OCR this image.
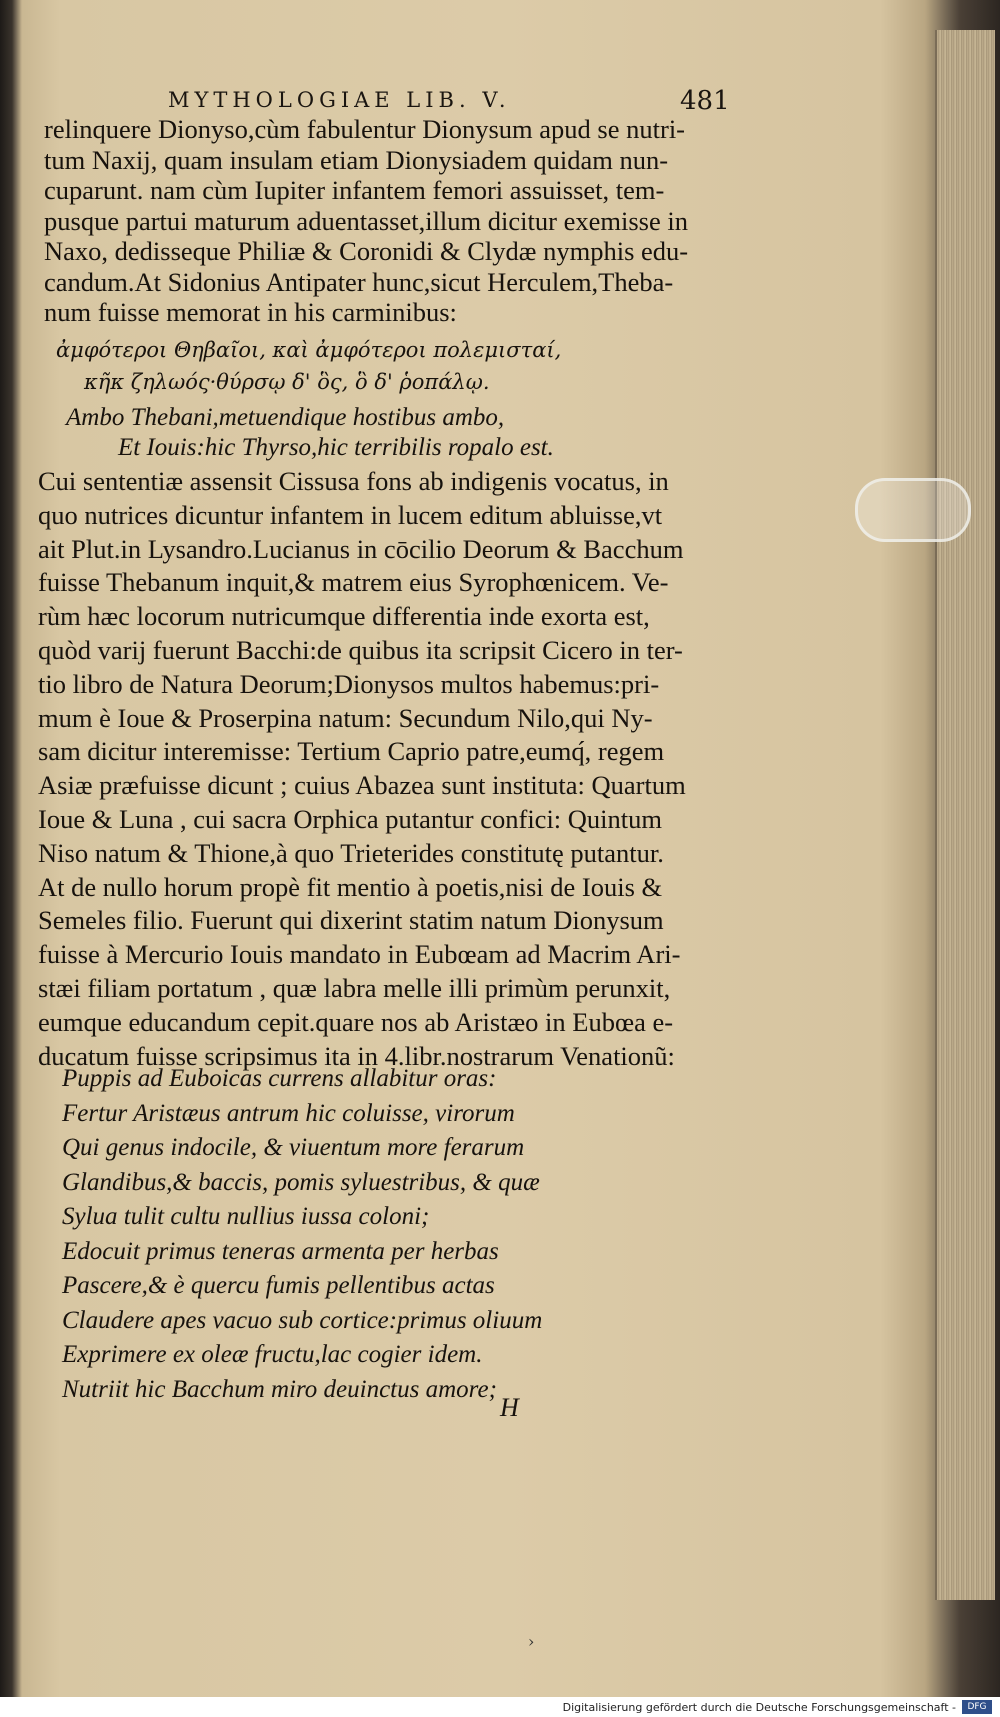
MYTHOLOGIAE LIB. V.	481
relinquere Dionyso,cùm fabulentur Dionysum apud se nutri-
tum Naxij, quam insulam etiam Dionysiadem quidam nun-
cuparunt. nam cùm Iupiter infantem femori assuisset, tem-
pusque partui maturum aduentasset,illum dicitur exemisse in
Naxo, dedisseque Philiæ & Coronidi & Clydæ nymphis edu-
candum.At Sidonius Antipater hunc,sicut Herculem,Theba-
num fuisse memorat in his carminibus:
ἀμφότεροι Θηβαῖοι, καὶ ἀμφότεροι πολεμισταί,
κῆκ ζηλωός·θύρσῳ δ' ὃς, ὃ δ' ῥοπάλῳ.
Ambo Thebani,metuendique hostibus ambo,
Et Iouis:hic Thyrso,hic terribilis ropalo est.
Cui sententiæ assensit Cissusa fons ab indigenis vocatus, in
quo nutrices dicuntur infantem in lucem editum abluisse,vt
ait Plut.in Lysandro.Lucianus in cōcilio Deorum & Bacchum
fuisse Thebanum inquit,& matrem eius Syrophœnicem. Ve-
rùm hæc locorum nutricumque differentia inde exorta est,
quòd varij fuerunt Bacchi:de quibus ita scripsit Cicero in ter-
tio libro de Natura Deorum;Dionysos multos habemus:pri-
mum è Ioue & Proserpina natum: Secundum Nilo,qui Ny-
sam dicitur interemisse: Tertium Caprio patre,eumq́, regem
Asiæ præfuisse dicunt ; cuius Abazea sunt instituta: Quartum
Ioue & Luna , cui sacra Orphica putantur confici: Quintum
Niso natum & Thione,à quo Trieterides constitutę putantur.
At de nullo horum propè fit mentio à poetis,nisi de Iouis &
Semeles filio. Fuerunt qui dixerint statim natum Dionysum
fuisse à Mercurio Iouis mandato in Eubœam ad Macrim Ari-
stæi filiam portatum , quæ labra melle illi primùm perunxit,
eumque educandum cepit.quare nos ab Aristæo in Eubœa e-
ducatum fuisse scripsimus ita in 4.libr.nostrarum Venationũ:
Puppis ad Euboicas currens allabitur oras:
Fertur Aristæus antrum hic coluisse, virorum
Qui genus indocile, & viuentum more ferarum
Glandibus,& baccis, pomis syluestribus, & quæ
Sylua tulit cultu nullius iussa coloni;
Edocuit primus teneras armenta per herbas
Pascere,& è quercu fumis pellentibus actas
Claudere apes vacuo sub cortice:primus oliuum
Exprimere ex oleæ fructu,lac cogier idem.
Nutriit hic Bacchum miro deuinctus amore;
H
›
Digitalisierung gefördert durch die Deutsche Forschungsgemeinschaft -	DFG
